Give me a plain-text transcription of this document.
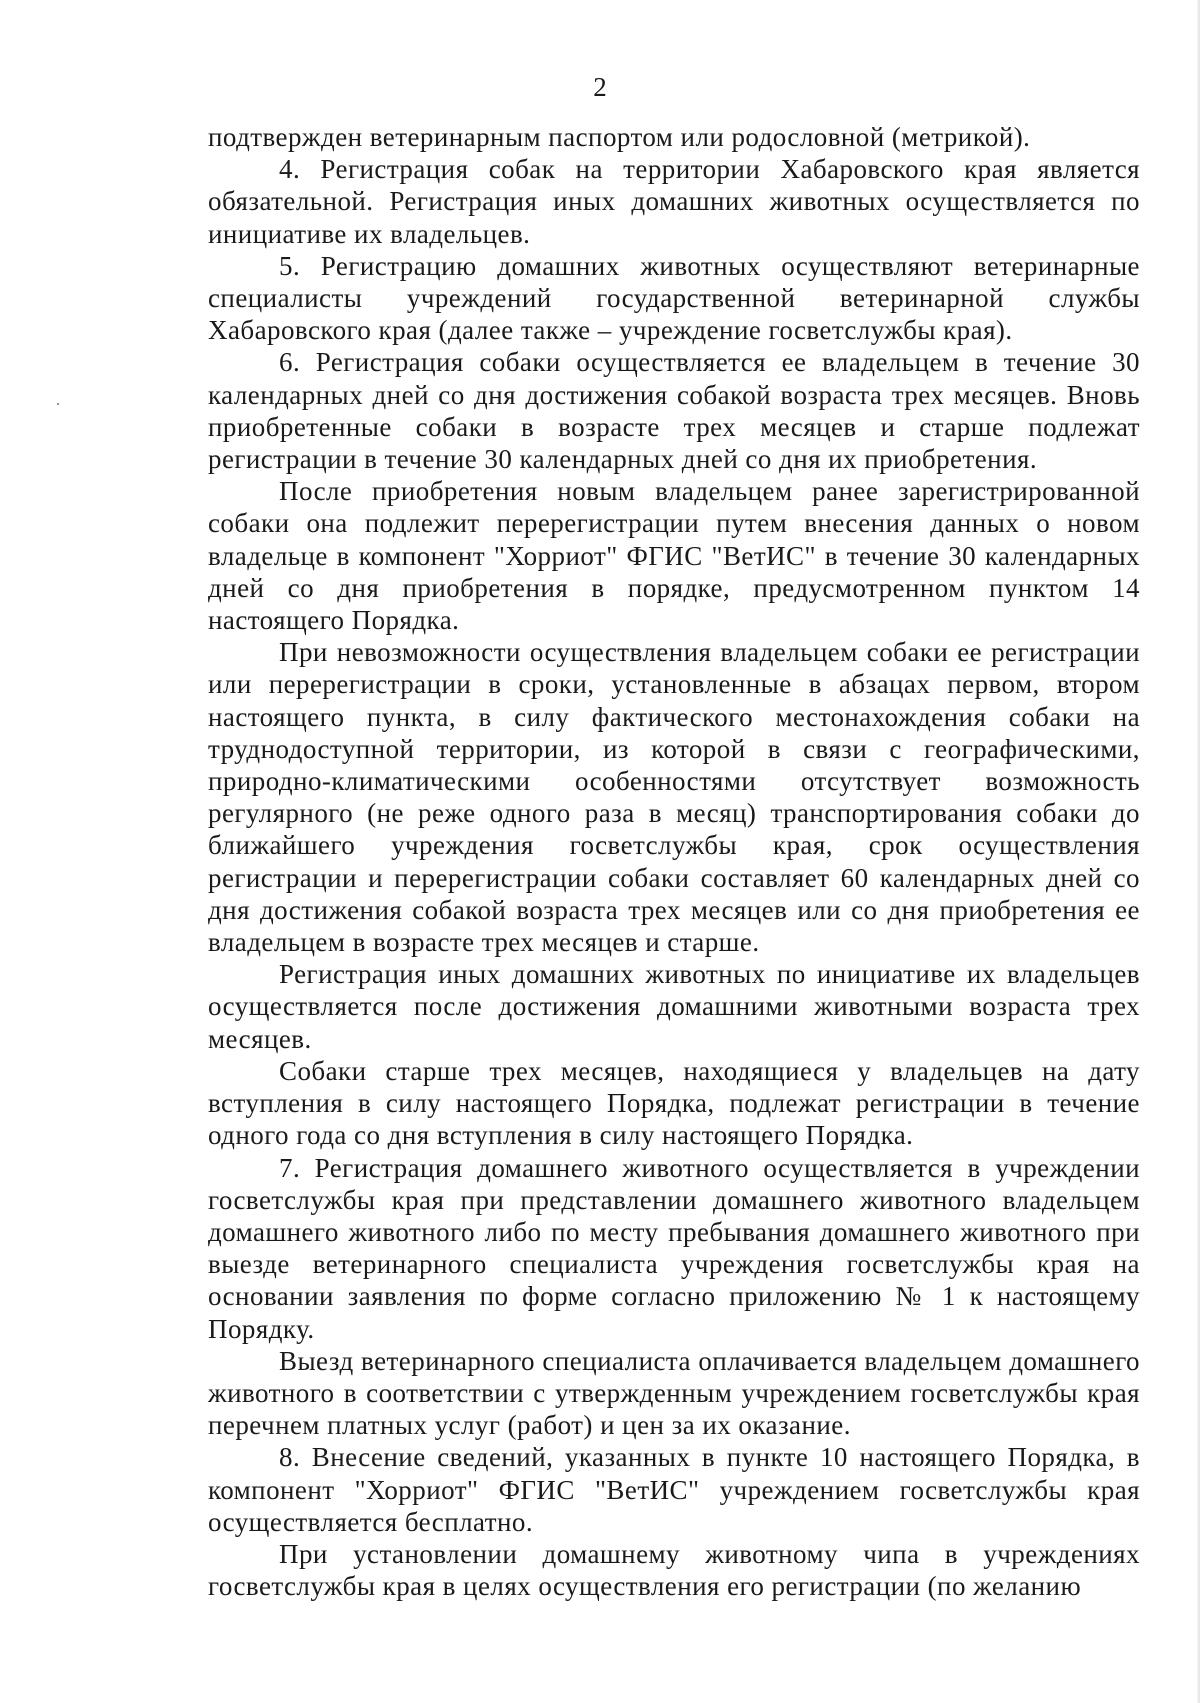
2

подтвержден ветеринарным паспортом или родословной (метрикой).

4. Регистрация собак на территории Хабаровского края является обязательной. Регистрация иных домашних животных осуществляется по инициативе их владельцев.

5. Регистрацию домашних животных осуществляют ветеринарные специалисты учреждений государственной ветеринарной службы Хабаровского края (далее также – учреждение госветслужбы края).

6. Регистрация собаки осуществляется ее владельцем в течение 30 календарных дней со дня достижения собакой возраста трех месяцев. Вновь приобретенные собаки в возрасте трех месяцев и старше подлежат регистрации в течение 30 календарных дней со дня их приобретения.

После приобретения новым владельцем ранее зарегистрированной собаки она подлежит перерегистрации путем внесения данных о новом владельце в компонент "Хорриот" ФГИС "ВетИС" в течение 30 календарных дней со дня приобретения в порядке, предусмотренном пунктом 14 настоящего Порядка.

При невозможности осуществления владельцем собаки ее регистрации или перерегистрации в сроки, установленные в абзацах первом, втором настоящего пункта, в силу фактического местонахождения собаки на труднодоступной территории, из которой в связи с географическими, природно-климатическими особенностями отсутствует возможность регулярного (не реже одного раза в месяц) транспортирования собаки до ближайшего учреждения госветслужбы края, срок осуществления регистрации и перерегистрации собаки составляет 60 календарных дней со дня достижения собакой возраста трех месяцев или со дня приобретения ее владельцем в возрасте трех месяцев и старше.

Регистрация иных домашних животных по инициативе их владельцев осуществляется после достижения домашними животными возраста трех месяцев.

Собаки старше трех месяцев, находящиеся у владельцев на дату вступления в силу настоящего Порядка, подлежат регистрации в течение одного года со дня вступления в силу настоящего Порядка.

7. Регистрация домашнего животного осуществляется в учреждении госветслужбы края при представлении домашнего животного владельцем домашнего животного либо по месту пребывания домашнего животного при выезде ветеринарного специалиста учреждения госветслужбы края на основании заявления по форме согласно приложению № 1 к настоящему Порядку.

Выезд ветеринарного специалиста оплачивается владельцем домашнего животного в соответствии с утвержденным учреждением госветслужбы края перечнем платных услуг (работ) и цен за их оказание.

8. Внесение сведений, указанных в пункте 10 настоящего Порядка, в компонент "Хорриот" ФГИС "ВетИС" учреждением госветслужбы края осуществляется бесплатно.

При установлении домашнему животному чипа в учреждениях госветслужбы края в целях осуществления его регистрации (по желанию
